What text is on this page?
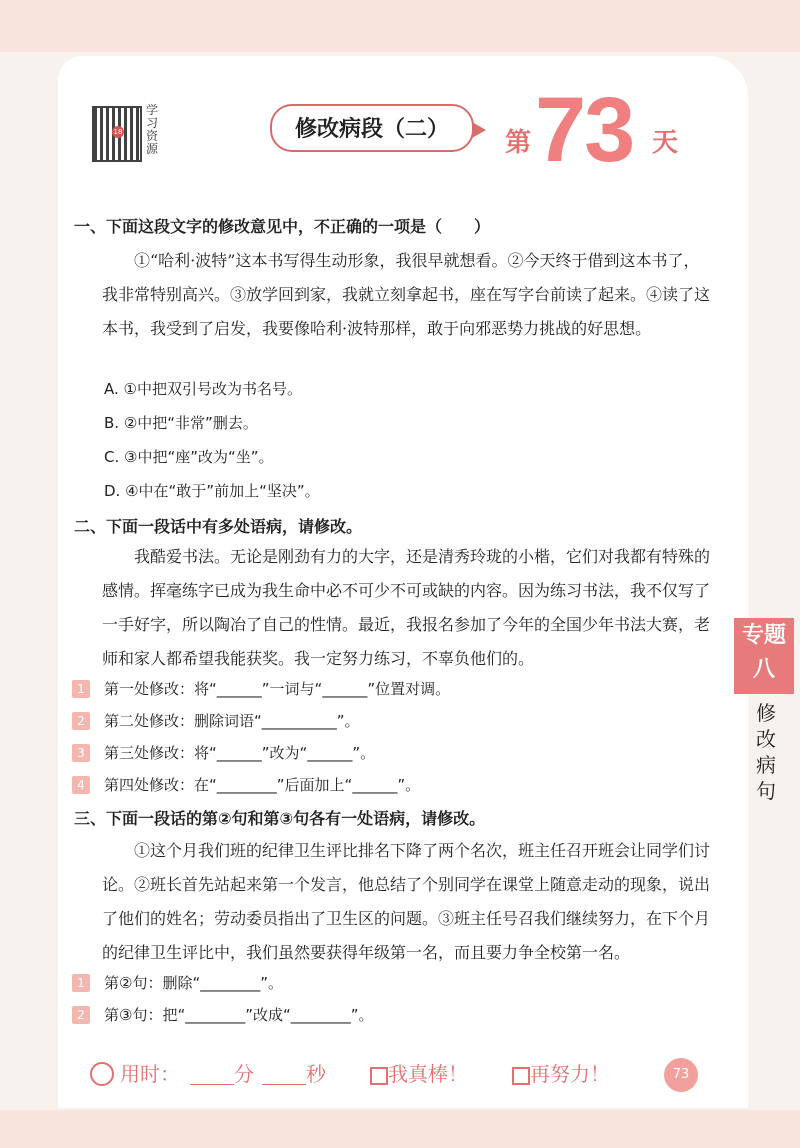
18
学习资源
修改病段（二）	第 73 天
一、下面这段文字的修改意见中，不正确的一项是（　　）
①“哈利·波特”这本书写得生动形象，我很早就想看。②今天终于借到这本书了，我非常特别高兴。③放学回到家，我就立刻拿起书，座在写字台前读了起来。④读了这本书，我受到了启发，我要像哈利·波特那样，敢于向邪恶势力挑战的好思想。
A. ①中把双引号改为书名号。
B. ②中把“非常”删去。
C. ③中把“座”改为“坐”。
D. ④中在“敢于”前加上“坚决”。
二、下面一段话中有多处语病，请修改。
我酷爱书法。无论是刚劲有力的大字，还是清秀玲珑的小楷，它们对我都有特殊的感情。挥毫练字已成为我生命中必不可少不可或缺的内容。因为练习书法，我不仅写了一手好字，所以陶冶了自己的性情。最近，我报名参加了今年的全国少年书法大赛，老师和家人都希望我能获奖。我一定努力练习，不辜负他们的。
1	第一处修改：将“______”一词与“______”位置对调。
2	第二处修改：删除词语“__________”。
3	第三处修改：将“______”改为“______”。
4	第四处修改：在“________”后面加上“______”。
三、下面一段话的第②句和第③句各有一处语病，请修改。
①这个月我们班的纪律卫生评比排名下降了两个名次，班主任召开班会让同学们讨论。②班长首先站起来第一个发言，他总结了个别同学在课堂上随意走动的现象，说出了他们的姓名；劳动委员指出了卫生区的问题。③班主任号召我们继续努力，在下个月的纪律卫生评比中，我们虽然要获得年级第一名，而且要力争全校第一名。
1	第②句：删除“________”。
2	第③句：把“________”改成“________”。
专题八
修改病句
用时：	分	秒	我真棒！	再努力！	73
